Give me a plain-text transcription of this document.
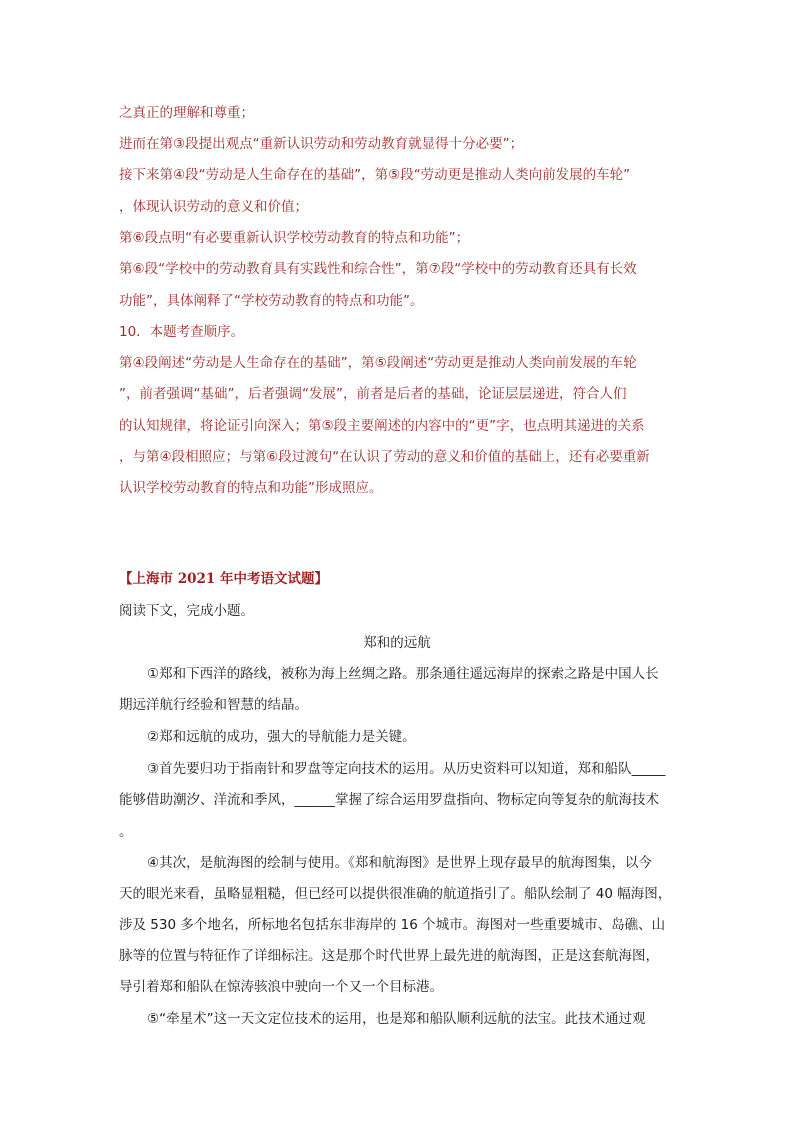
之真正的理解和尊重；
进而在第③段提出观点“重新认识劳动和劳动教育就显得十分必要”；
接下来第④段“劳动是人生命存在的基础”，第⑤段“劳动更是推动人类向前发展的车轮”
，体现认识劳动的意义和价值；
第⑥段点明“有必要重新认识学校劳动教育的特点和功能”；
第⑥段“学校中的劳动教育具有实践性和综合性”，第⑦段“学校中的劳动教育还具有长效
功能”，具体阐释了“学校劳动教育的特点和功能”。
10．本题考查顺序。
第④段阐述“劳动是人生命存在的基础”，第⑤段阐述“劳动更是推动人类向前发展的车轮
”，前者强调“基础”，后者强调“发展”，前者是后者的基础，论证层层递进，符合人们
的认知规律，将论证引向深入；第⑤段主要阐述的内容中的“更”字，也点明其递进的关系
，与第④段相照应；与第⑥段过渡句“在认识了劳动的意义和价值的基础上，还有必要重新
认识学校劳动教育的特点和功能”形成照应。
【上海市 2021 年中考语文试题】
阅读下文，完成小题。
郑和的远航
①郑和下西洋的路线，被称为海上丝绸之路。那条通往遥远海岸的探索之路是中国人长
期远洋航行经验和智慧的结晶。
②郑和远航的成功，强大的导航能力是关键。
③首先要归功于指南针和罗盘等定向技术的运用。从历史资料可以知道，郑和船队_____
能够借助潮汐、洋流和季风，______掌握了综合运用罗盘指向、物标定向等复杂的航海技术
。
④其次，是航海图的绘制与使用。《郑和航海图》是世界上现存最早的航海图集，以今
天的眼光来看，虽略显粗糙，但已经可以提供很准确的航道指引了。船队绘制了 40 幅海图，
涉及 530 多个地名，所标地名包括东非海岸的 16 个城市。海图对一些重要城市、岛礁、山
脉等的位置与特征作了详细标注。这是那个时代世界上最先进的航海图，正是这套航海图，
导引着郑和船队在惊涛骇浪中驶向一个又一个目标港。
⑤“牵星术”这一天文定位技术的运用，也是郑和船队顺利远航的法宝。此技术通过观
